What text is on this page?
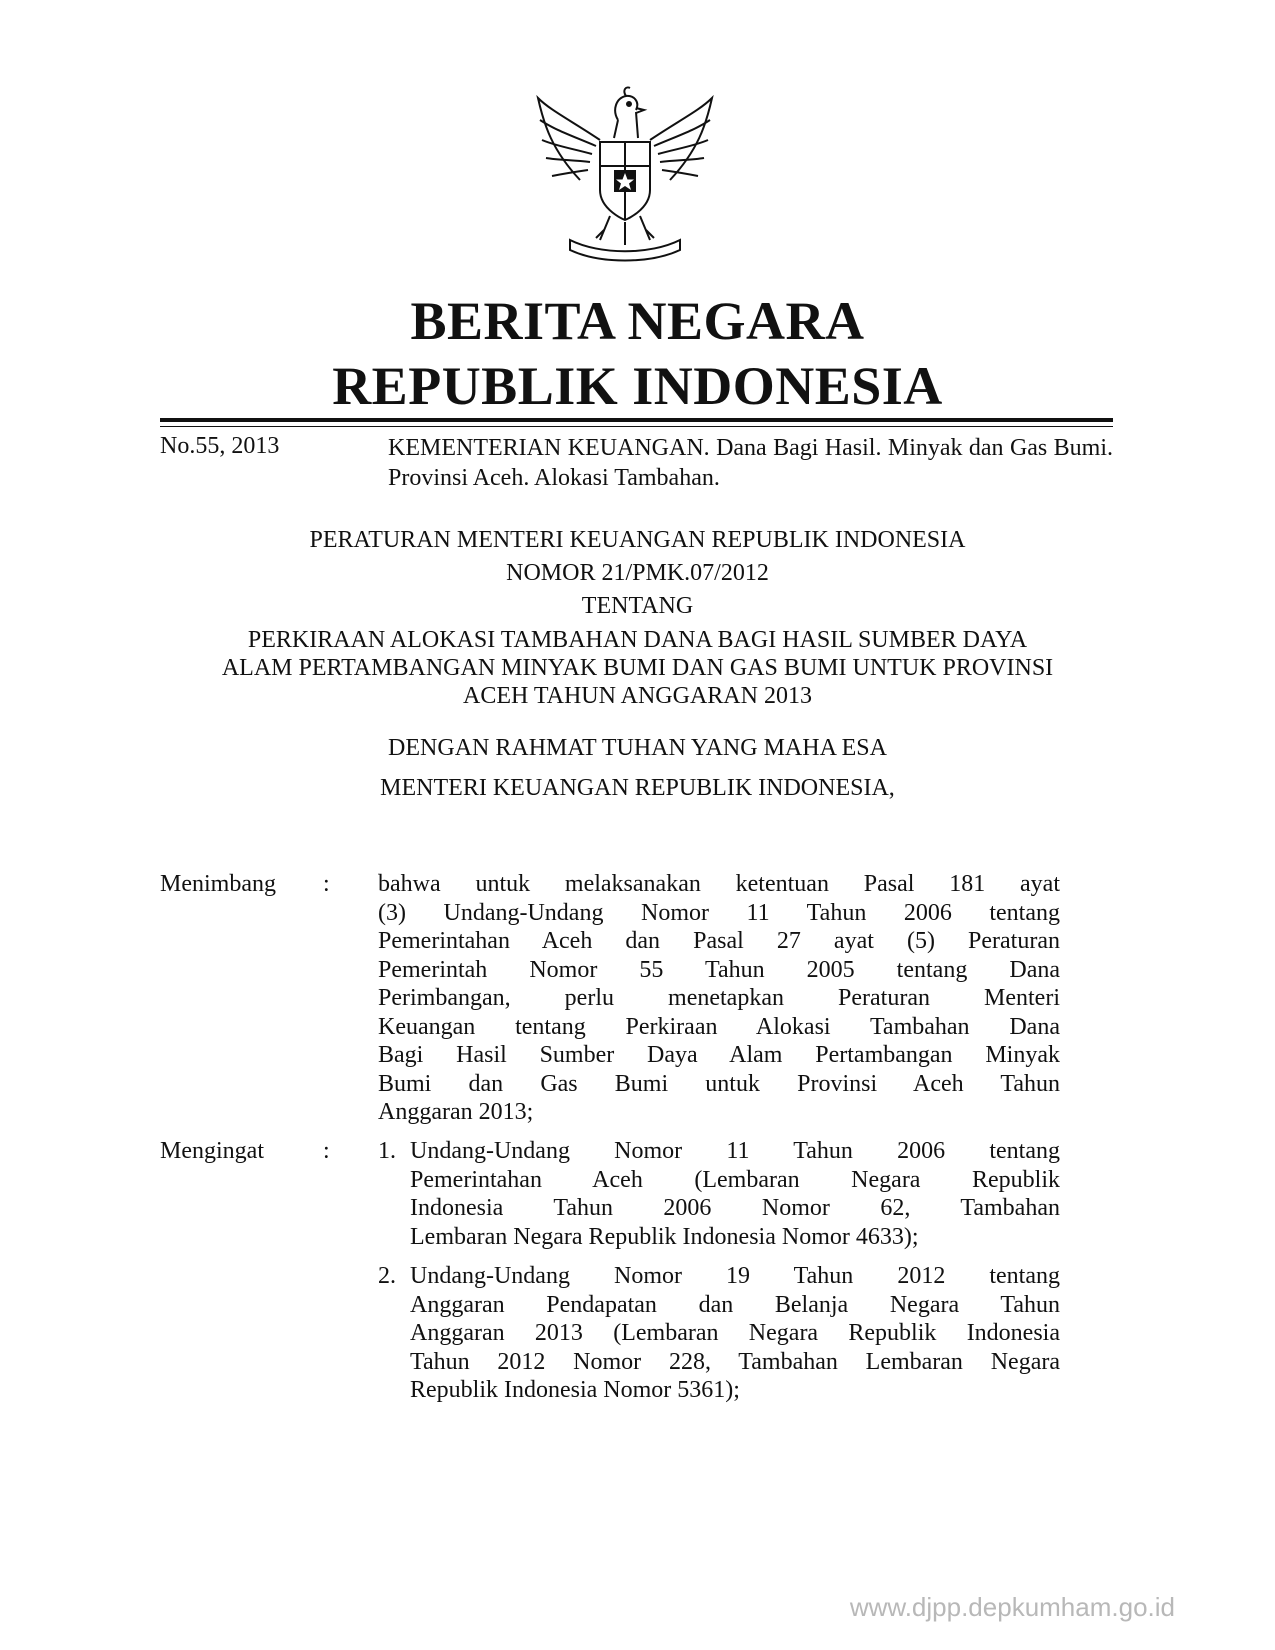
BERITA NEGARA
REPUBLIK INDONESIA
No.55, 2013	KEMENTERIAN KEUANGAN. Dana Bagi Hasil. Minyak dan Gas Bumi. Provinsi Aceh. Alokasi Tambahan.
PERATURAN MENTERI KEUANGAN REPUBLIK INDONESIA
NOMOR 21/PMK.07/2012
TENTANG
PERKIRAAN ALOKASI TAMBAHAN DANA BAGI HASIL SUMBER DAYA
ALAM PERTAMBANGAN MINYAK BUMI DAN GAS BUMI UNTUK PROVINSI
ACEH TAHUN ANGGARAN 2013
DENGAN RAHMAT TUHAN YANG MAHA ESA
MENTERI KEUANGAN REPUBLIK INDONESIA,
Menimbang : bahwa untuk melaksanakan ketentuan Pasal 181 ayat
(3) Undang-Undang Nomor 11 Tahun 2006 tentang
Pemerintahan Aceh dan Pasal 27 ayat (5) Peraturan
Pemerintah Nomor 55 Tahun 2005 tentang Dana
Perimbangan, perlu menetapkan Peraturan Menteri
Keuangan tentang Perkiraan Alokasi Tambahan Dana
Bagi Hasil Sumber Daya Alam Pertambangan Minyak
Bumi dan Gas Bumi untuk Provinsi Aceh Tahun
Anggaran 2013;
Mengingat : 1. Undang-Undang Nomor 11 Tahun 2006 tentang
Pemerintahan Aceh (Lembaran Negara Republik
Indonesia Tahun 2006 Nomor 62, Tambahan
Lembaran Negara Republik Indonesia Nomor 4633);
2. Undang-Undang Nomor 19 Tahun 2012 tentang
Anggaran Pendapatan dan Belanja Negara Tahun
Anggaran 2013 (Lembaran Negara Republik Indonesia
Tahun 2012 Nomor 228, Tambahan Lembaran Negara
Republik Indonesia Nomor 5361);
www.djpp.depkumham.go.id
